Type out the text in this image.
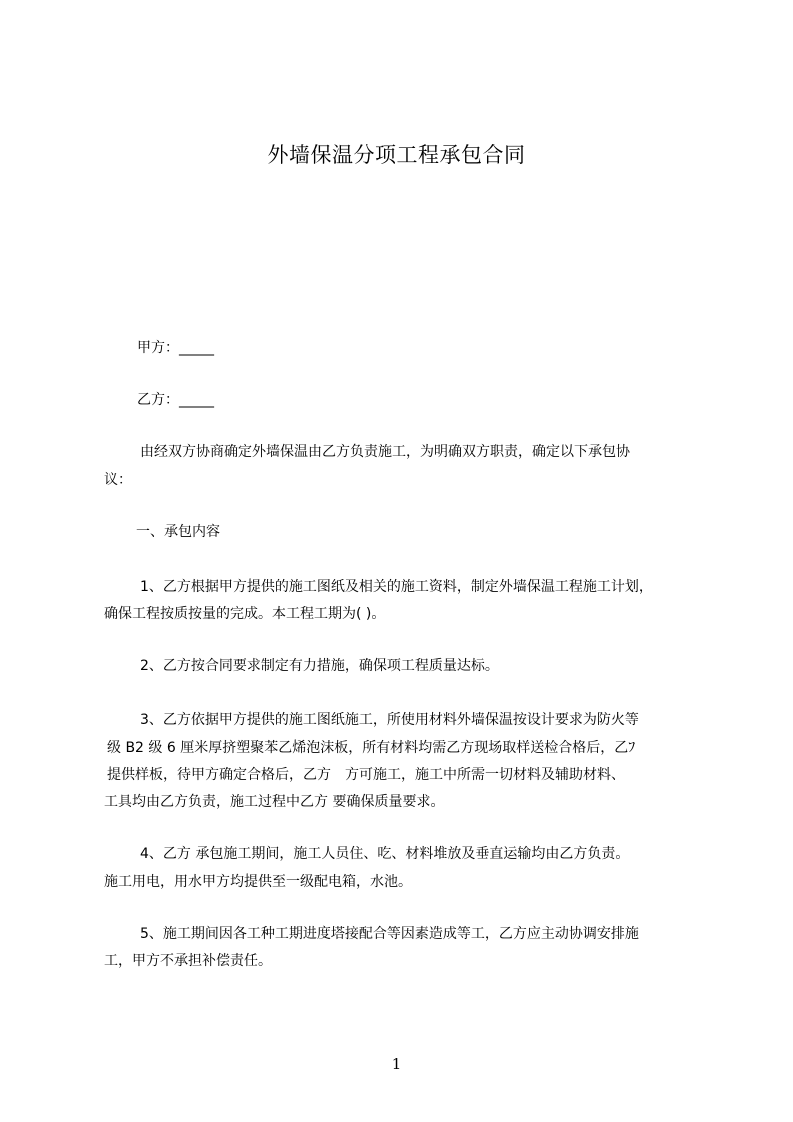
外墙保温分项工程承包合同
甲方：_____
乙方：_____
由经双方协商确定外墙保温由乙方负责施工，为明确双方职责，确定以下承包协
议：
一、承包内容
1、乙方根据甲方提供的施工图纸及相关的施工资料，制定外墙保温工程施工计划，
确保工程按质按量的完成。本工程工期为( )。
2、乙方按合同要求制定有力措施，确保项工程质量达标。
3、乙方依据甲方提供的施工图纸施工，所使用材料外墙保温按设计要求为防火等
级 B2 级 6 厘米厚挤塑聚苯乙烯泡沫板，所有材料均需乙方现场取样送检合格后，乙ﾌ
提供样板，待甲方确定合格后，乙方　方可施工，施工中所需一切材料及辅助材料、
工具均由乙方负责，施工过程中乙方 要确保质量要求。
4、乙方 承包施工期间，施工人员住、吃、材料堆放及垂直运输均由乙方负责。
施工用电，用水甲方均提供至一级配电箱，水池。
5、施工期间因各工种工期进度塔接配合等因素造成等工，乙方应主动协调安排施
工，甲方不承担补偿责任。
1
